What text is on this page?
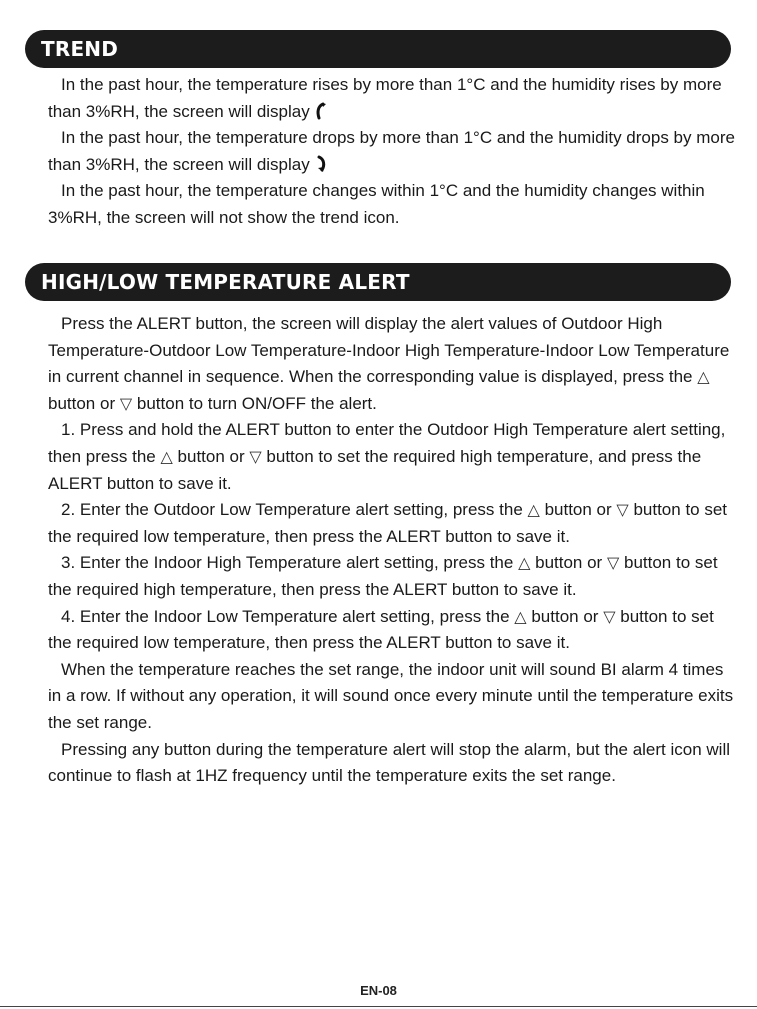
TREND

In the past hour, the temperature rises by more than 1°C and the humidity rises by more than 3%RH, the screen will display

In the past hour, the temperature drops by more than 1°C and the humidity drops by more than 3%RH, the screen will display

In the past hour, the temperature changes within 1°C and the humidity changes within 3%RH, the screen will not show the trend icon.

HIGH/LOW TEMPERATURE ALERT

Press the ALERT button, the screen will display the alert values of Outdoor High Temperature-Outdoor Low Temperature-Indoor High Temperature-Indoor Low Temperature in current channel in sequence. When the corresponding value is displayed, press the △ button or ▽ button to turn ON/OFF the alert.

1. Press and hold the ALERT button to enter the Outdoor High Temperature alert setting, then press the △ button or ▽ button to set the required high temperature, and press the ALERT button to save it.

2. Enter the Outdoor Low Temperature alert setting, press the △ button or ▽ button to set the required low temperature, then press the ALERT button to save it.

3. Enter the Indoor High Temperature alert setting, press the △ button or ▽ button to set the required high temperature, then press the ALERT button to save it.

4. Enter the Indoor Low Temperature alert setting, press the △ button or ▽ button to set the required low temperature, then press the ALERT button to save it.

When the temperature reaches the set range, the indoor unit will sound BI alarm 4 times in a row. If without any operation, it will sound once every minute until the temperature exits the set range.

Pressing any button during the temperature alert will stop the alarm, but the alert icon will continue to flash at 1HZ frequency until the temperature exits the set range.

EN-08
